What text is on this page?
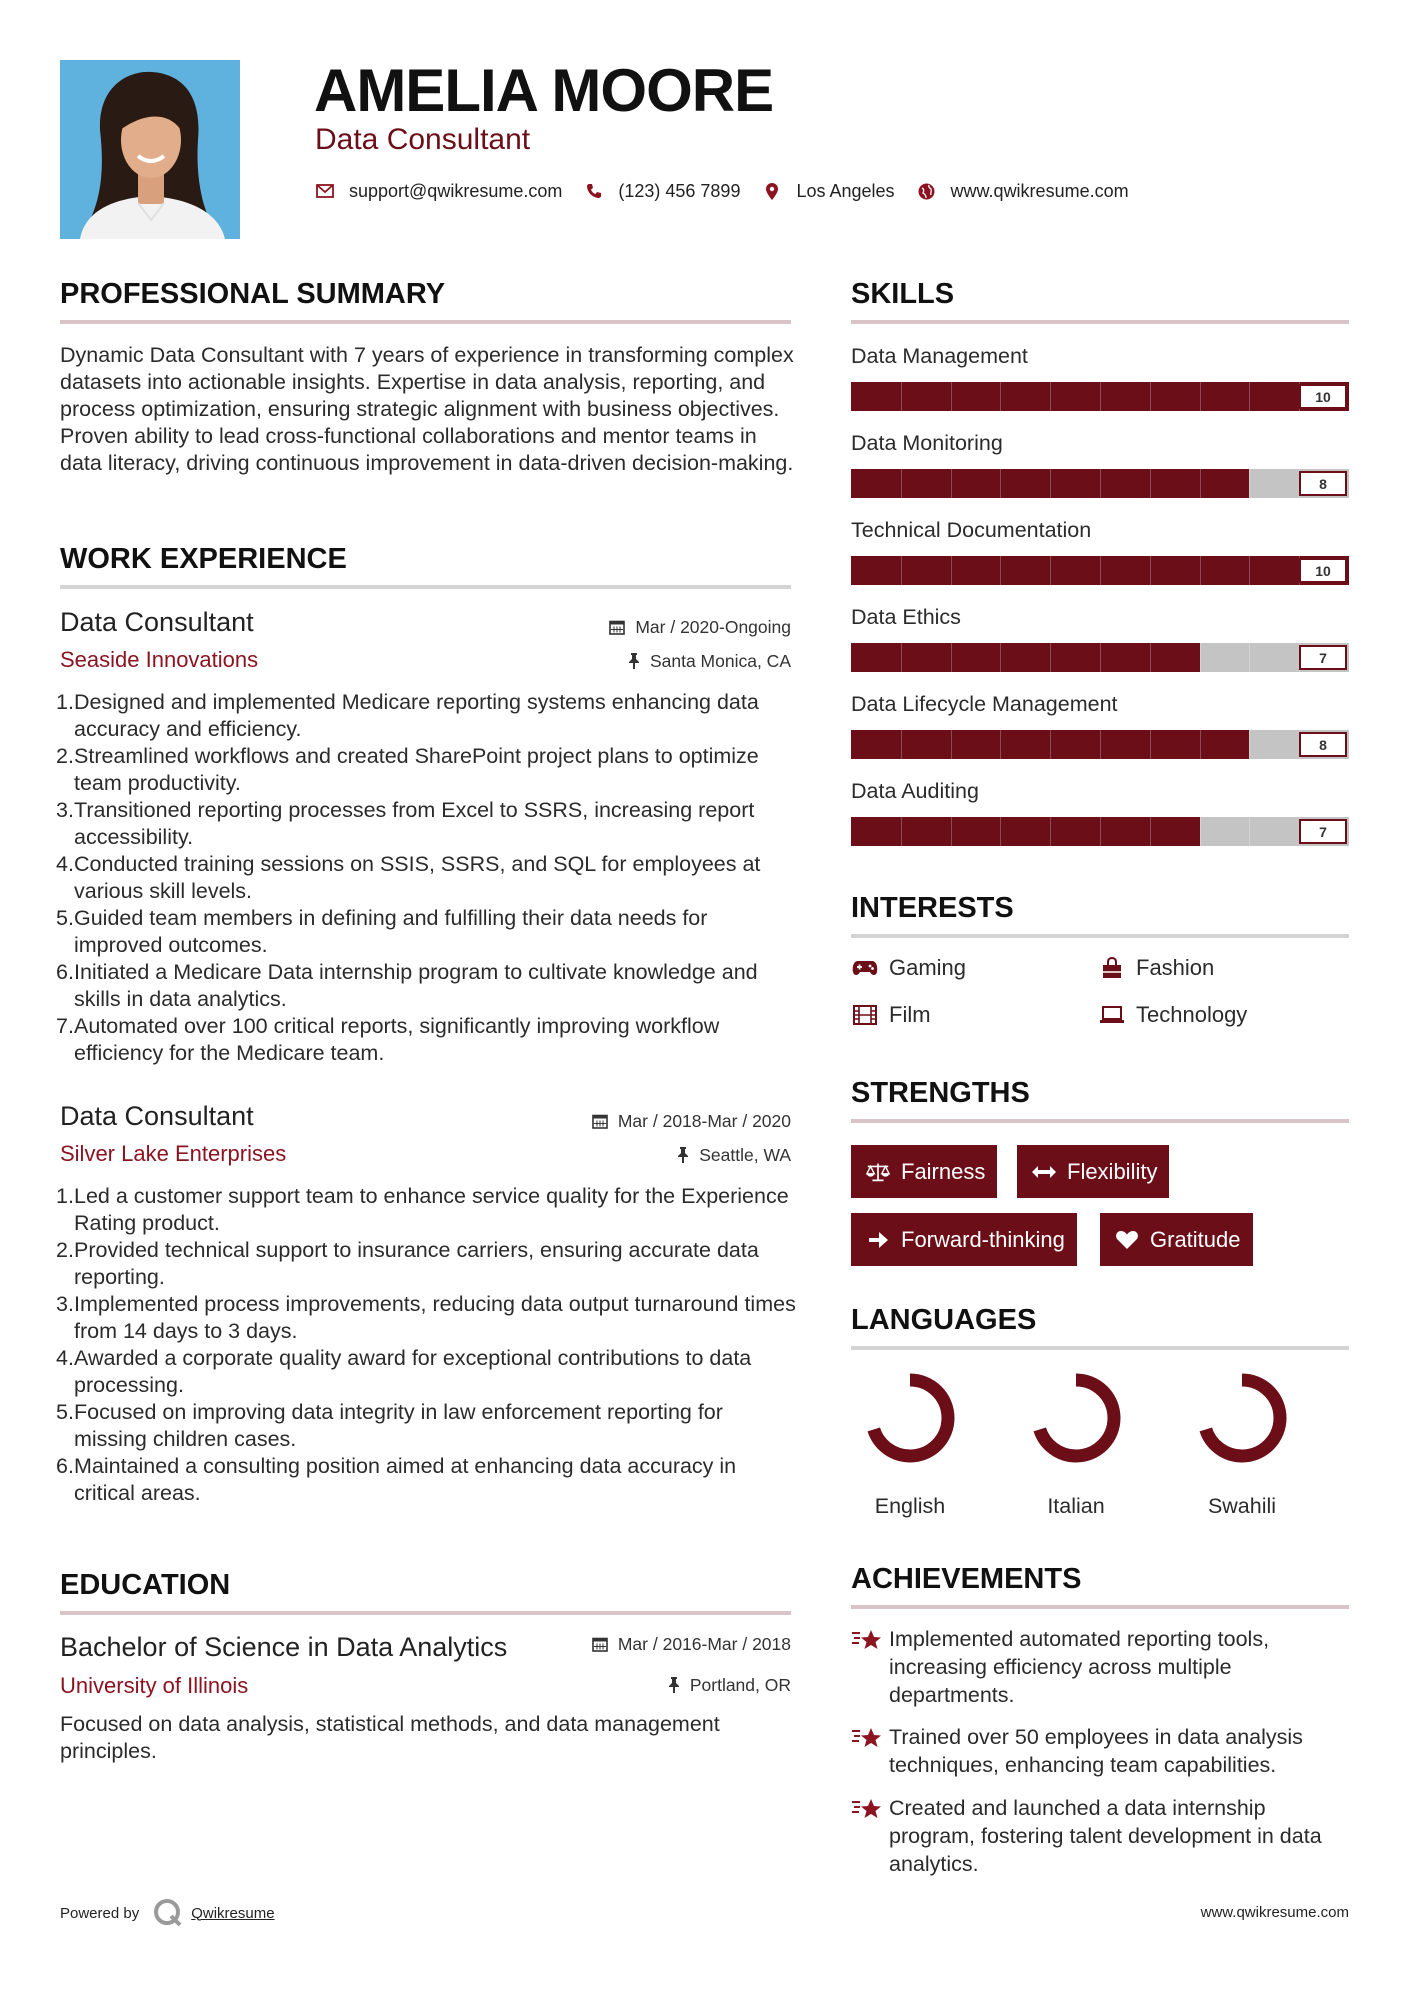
AMELIA MOORE
Data Consultant
support@qwikresume.com	(123) 456 7899	Los Angeles	www.qwikresume.com
PROFESSIONAL SUMMARY
Dynamic Data Consultant with 7 years of experience in transforming complex datasets into actionable insights. Expertise in data analysis, reporting, and process optimization, ensuring strategic alignment with business objectives. Proven ability to lead cross-functional collaborations and mentor teams in data literacy, driving continuous improvement in data-driven decision-making.
WORK EXPERIENCE
Data Consultant
Seaside Innovations
Mar / 2020-Ongoing
Santa Monica, CA
1. Designed and implemented Medicare reporting systems enhancing data accuracy and efficiency.
2. Streamlined workflows and created SharePoint project plans to optimize team productivity.
3. Transitioned reporting processes from Excel to SSRS, increasing report accessibility.
4. Conducted training sessions on SSIS, SSRS, and SQL for employees at various skill levels.
5. Guided team members in defining and fulfilling their data needs for improved outcomes.
6. Initiated a Medicare Data internship program to cultivate knowledge and skills in data analytics.
7. Automated over 100 critical reports, significantly improving workflow efficiency for the Medicare team.
Data Consultant
Silver Lake Enterprises
Mar / 2018-Mar / 2020
Seattle, WA
1. Led a customer support team to enhance service quality for the Experience Rating product.
2. Provided technical support to insurance carriers, ensuring accurate data reporting.
3. Implemented process improvements, reducing data output turnaround times from 14 days to 3 days.
4. Awarded a corporate quality award for exceptional contributions to data processing.
5. Focused on improving data integrity in law enforcement reporting for missing children cases.
6. Maintained a consulting position aimed at enhancing data accuracy in critical areas.
EDUCATION
Bachelor of Science in Data Analytics
University of Illinois
Mar / 2016-Mar / 2018
Portland, OR
Focused on data analysis, statistical methods, and data management principles.
SKILLS
Data Management
10
Data Monitoring
8
Technical Documentation
10
Data Ethics
7
Data Lifecycle Management
8
Data Auditing
7
INTERESTS
Gaming	Fashion
Film	Technology
STRENGTHS
Fairness	Flexibility
Forward-thinking	Gratitude
LANGUAGES
English	Italian	Swahili
ACHIEVEMENTS
Implemented automated reporting tools, increasing efficiency across multiple departments.
Trained over 50 employees in data analysis techniques, enhancing team capabilities.
Created and launched a data internship program, fostering talent development in data analytics.
Powered by	Qwikresume	www.qwikresume.com
